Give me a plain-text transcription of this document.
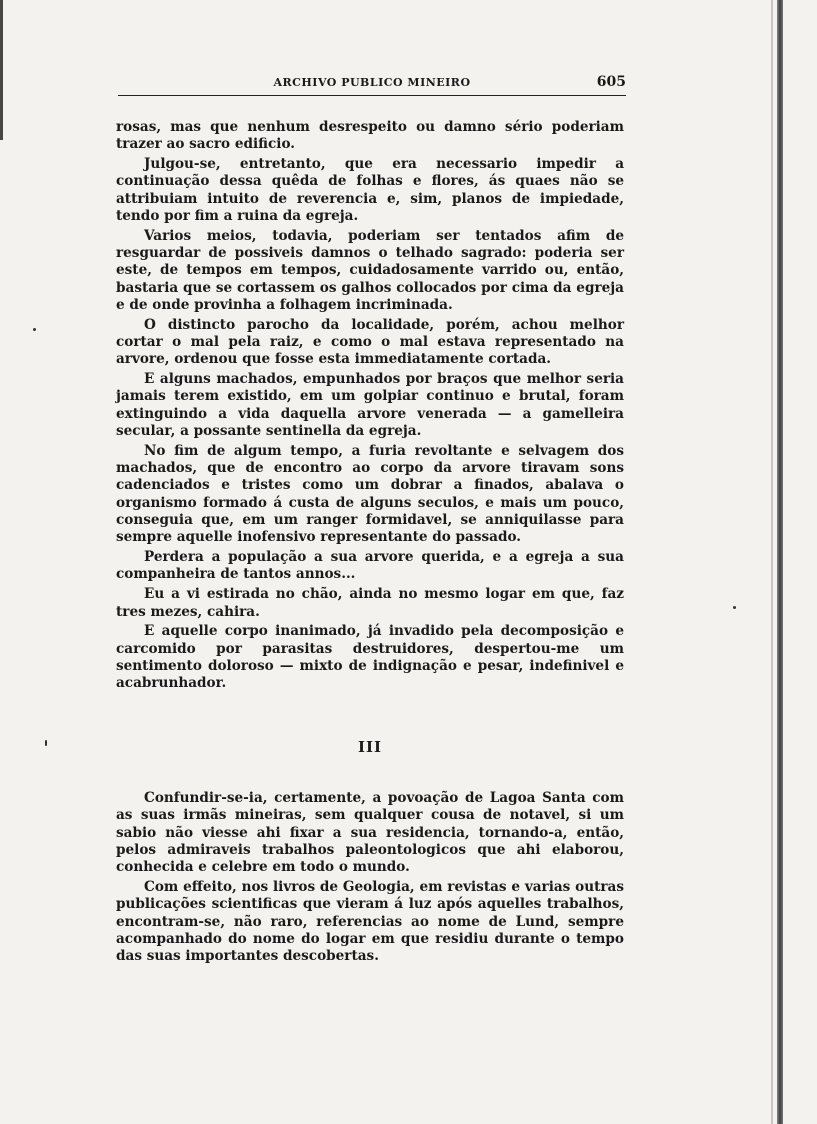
ARCHIVO PUBLICO MINEIRO	605

rosas, mas que nenhum desrespeito ou damno sério poderiam trazer ao sacro edificio.

Julgou-se, entretanto, que era necessario impedir a continuação dessa quêda de folhas e flores, ás quaes não se attribuiam intuito de reverencia e, sim, planos de impiedade, tendo por fim a ruina da egreja.

Varios meios, todavia, poderiam ser tentados afim de resguardar de possiveis damnos o telhado sagrado: poderia ser este, de tempos em tempos, cuidadosamente varrido ou, então, bastaria que se cortassem os galhos collocados por cima da egreja e de onde provinha a folhagem incriminada.

O distincto parocho da localidade, porém, achou melhor cortar o mal pela raiz, e como o mal estava representado na arvore, ordenou que fosse esta immediatamente cortada.

E alguns machados, empunhados por braços que melhor seria jamais terem existido, em um golpiar continuo e brutal, foram extinguindo a vida daquella arvore venerada — a gamelleira secular, a possante sentinella da egreja.

No fim de algum tempo, a furia revoltante e selvagem dos machados, que de encontro ao corpo da arvore tiravam sons cadenciados e tristes como um dobrar a finados, abalava o organismo formado á custa de alguns seculos, e mais um pouco, conseguia que, em um ranger formidavel, se anniquilasse para sempre aquelle inofensivo representante do passado.

Perdera a população a sua arvore querida, e a egreja a sua companheira de tantos annos...

Eu a vi estirada no chão, ainda no mesmo logar em que, faz tres mezes, cahira.

E aquelle corpo inanimado, já invadido pela decomposição e carcomido por parasitas destruidores, despertou-me um sentimento doloroso — mixto de indignação e pesar, indefinivel e acabrunhador.

III

Confundir-se-ia, certamente, a povoação de Lagoa Santa com as suas irmãs mineiras, sem qualquer cousa de notavel, si um sabio não viesse ahi fixar a sua residencia, tornando-a, então, pelos admiraveis trabalhos paleontologicos que ahi elaborou, conhecida e celebre em todo o mundo.

Com effeito, nos livros de Geologia, em revistas e varias outras publicações scientificas que vieram á luz após aquelles trabalhos, encontram-se, não raro, referencias ao nome de Lund, sempre acompanhado do nome do logar em que residiu durante o tempo das suas importantes descobertas.
